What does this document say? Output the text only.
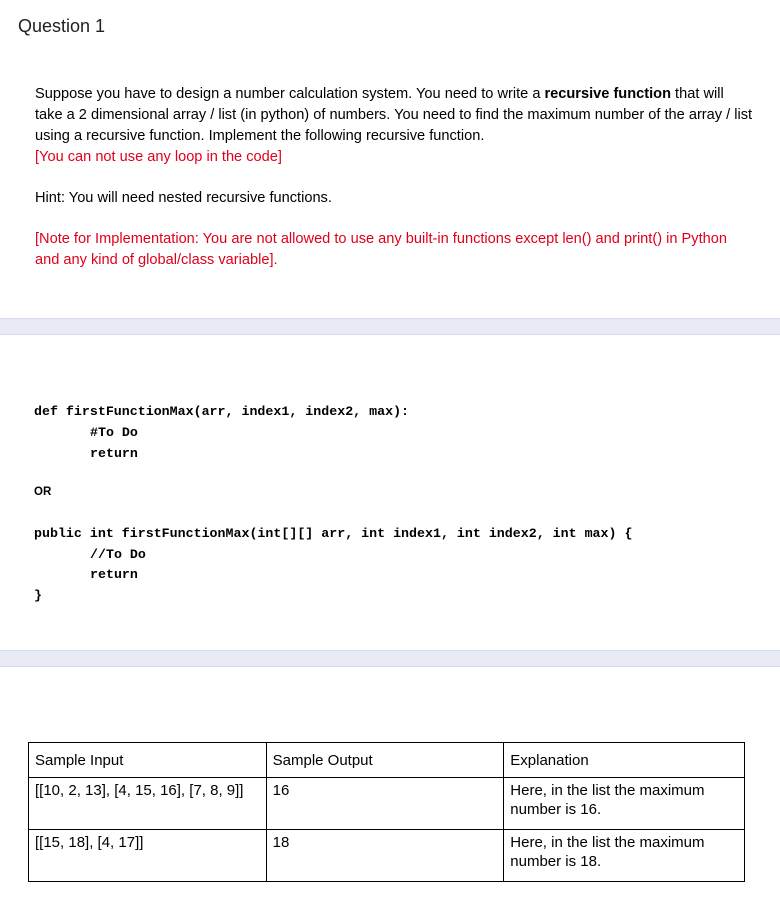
Question 1
Suppose you have to design a number calculation system. You need to write a recursive function that will take a 2 dimensional array / list (in python) of numbers. You need to find the maximum number of the array / list using a recursive function. Implement the following recursive function.
[You can not use any loop in the code]
Hint: You will need nested recursive functions.
[Note for Implementation: You are not allowed to use any built-in functions except len() and print() in Python and any kind of global/class variable].
def firstFunctionMax(arr, index1, index2, max):
#To Do
return
OR
public int firstFunctionMax(int[][] arr, int index1, int index2, int max) {
//To Do
return
}
Sample Input	Sample Output	Explanation
[[10, 2, 13], [4, 15, 16], [7, 8, 9]]	16	Here, in the list the maximum number is 16.
[[15, 18], [4, 17]]	18	Here, in the list the maximum number is 18.
